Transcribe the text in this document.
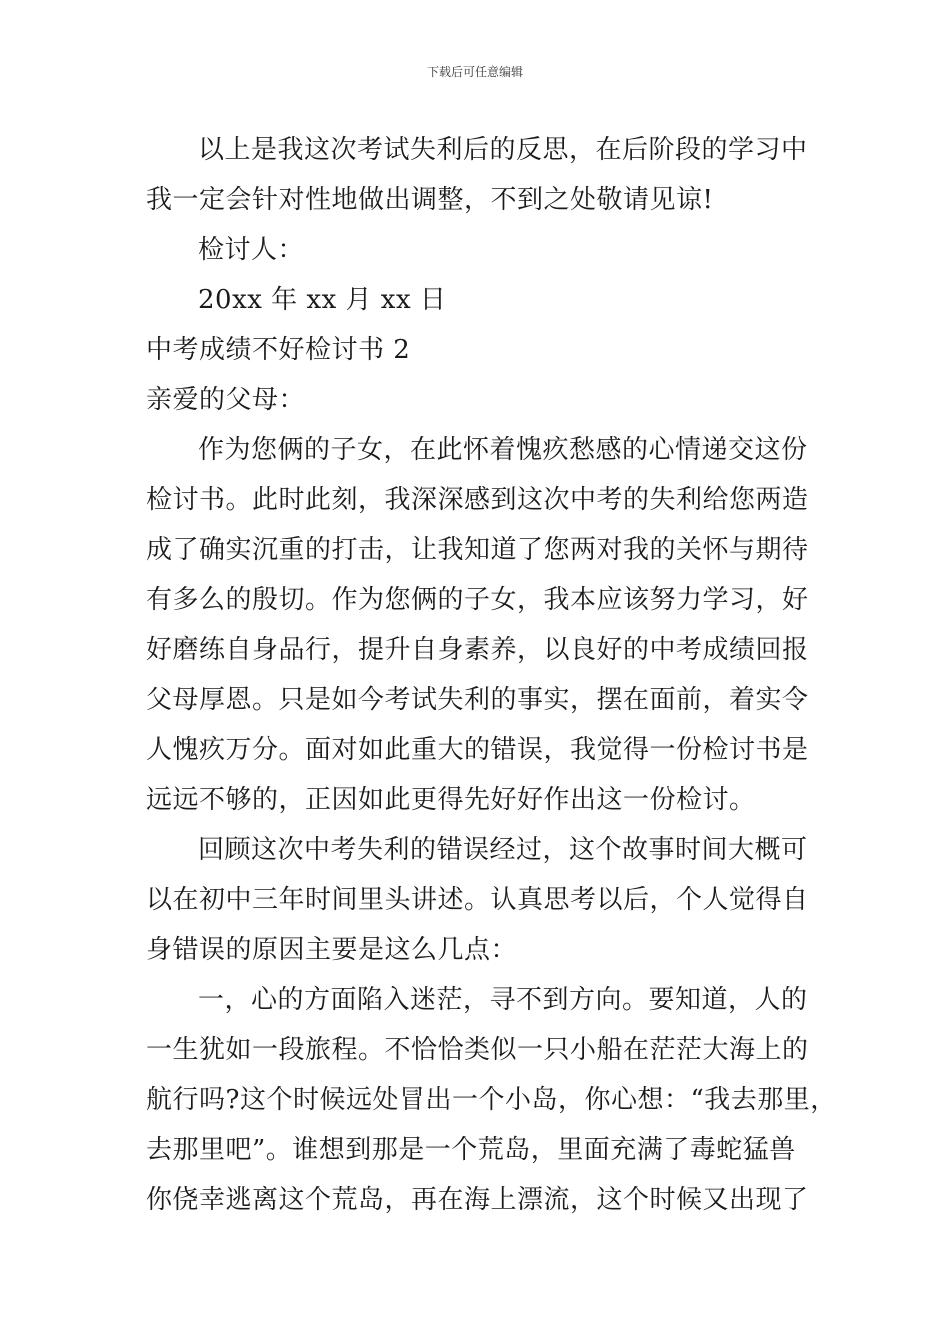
下载后可任意编辑
以上是我这次考试失利后的反思，在后阶段的学习中
我一定会针对性地做出调整，不到之处敬请见谅!
检讨人：
20xx 年 xx 月 xx 日
中考成绩不好检讨书 2
亲爱的父母：
作为您俩的子女，在此怀着愧疚愁感的心情递交这份
检讨书。此时此刻，我深深感到这次中考的失利给您两造
成了确实沉重的打击，让我知道了您两对我的关怀与期待
有多么的殷切。作为您俩的子女，我本应该努力学习，好
好磨练自身品行，提升自身素养，以良好的中考成绩回报
父母厚恩。只是如今考试失利的事实，摆在面前，着实令
人愧疚万分。面对如此重大的错误，我觉得一份检讨书是
远远不够的，正因如此更得先好好作出这一份检讨。
回顾这次中考失利的错误经过，这个故事时间大概可
以在初中三年时间里头讲述。认真思考以后，个人觉得自
身错误的原因主要是这么几点：
一，心的方面陷入迷茫，寻不到方向。要知道，人的
一生犹如一段旅程。不恰恰类似一只小船在茫茫大海上的
航行吗?这个时候远处冒出一个小岛，你心想：“我去那里，
去那里吧”。谁想到那是一个荒岛，里面充满了毒蛇猛兽
你侥幸逃离这个荒岛，再在海上漂流，这个时候又出现了
